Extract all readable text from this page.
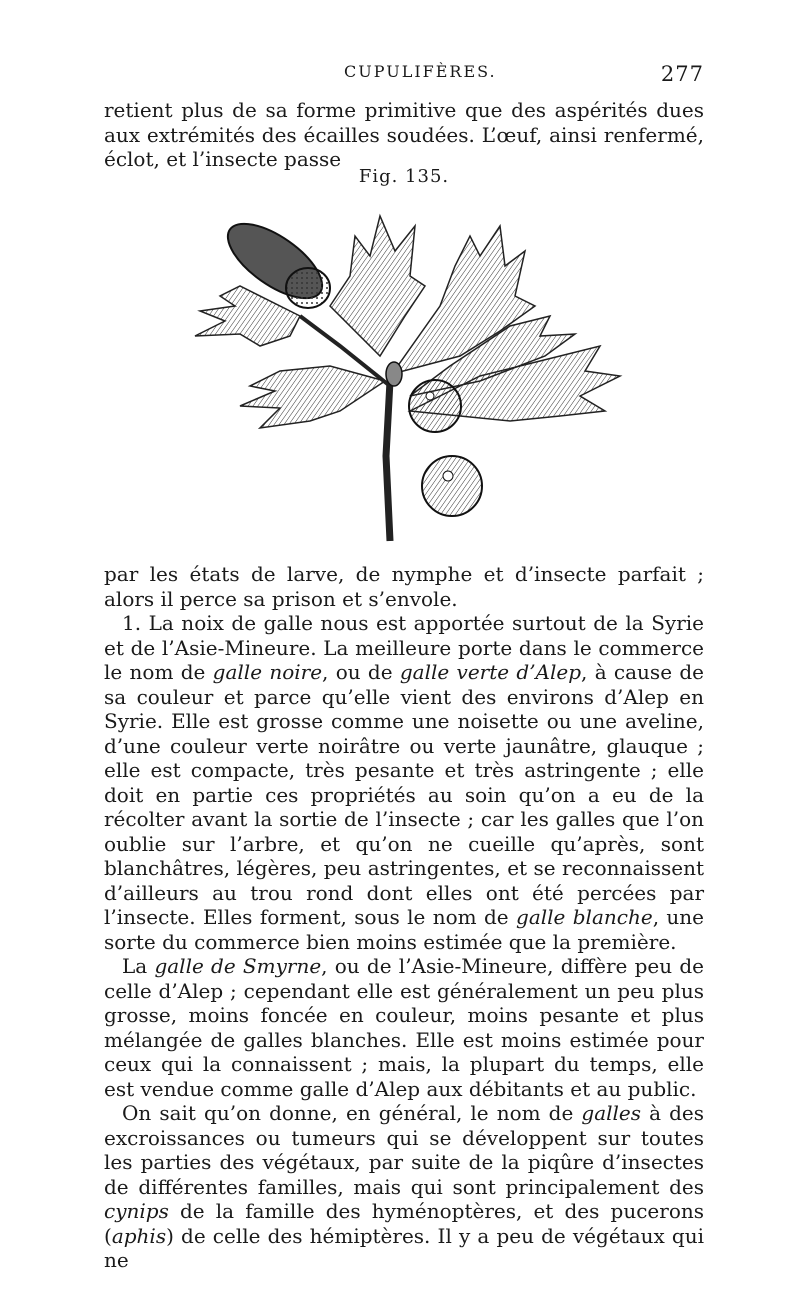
CUPULIFÈRES.	277

retient plus de sa forme primitive que des aspérités dues aux extrémités des écailles soudées. L’œuf, ainsi renfermé, éclot, et l’insecte passe

Fig. 135.

par les états de larve, de nymphe et d’insecte parfait ; alors il perce sa prison et s’envole.

1. La noix de galle nous est apportée surtout de la Syrie et de l’Asie-Mineure. La meilleure porte dans le commerce le nom de galle noire, ou de galle verte d’Alep, à cause de sa couleur et parce qu’elle vient des environs d’Alep en Syrie. Elle est grosse comme une noisette ou une aveline, d’une couleur verte noirâtre ou verte jaunâtre, glauque ; elle est compacte, très pesante et très astringente ; elle doit en partie ces propriétés au soin qu’on a eu de la récolter avant la sortie de l’insecte ; car les galles que l’on oublie sur l’arbre, et qu’on ne cueille qu’après, sont blanchâtres, légères, peu astringentes, et se reconnaissent d’ailleurs au trou rond dont elles ont été percées par l’insecte. Elles forment, sous le nom de galle blanche, une sorte du commerce bien moins estimée que la première.

La galle de Smyrne, ou de l’Asie-Mineure, diffère peu de celle d’Alep ; cependant elle est généralement un peu plus grosse, moins foncée en couleur, moins pesante et plus mélangée de galles blanches. Elle est moins estimée pour ceux qui la connaissent ; mais, la plupart du temps, elle est vendue comme galle d’Alep aux débitants et au public.

On sait qu’on donne, en général, le nom de galles à des excroissances ou tumeurs qui se développent sur toutes les parties des végétaux, par suite de la piqûre d’insectes de différentes familles, mais qui sont principalement des cynips de la famille des hyménoptères, et des pucerons (aphis) de celle des hémiptères. Il y a peu de végétaux qui ne
